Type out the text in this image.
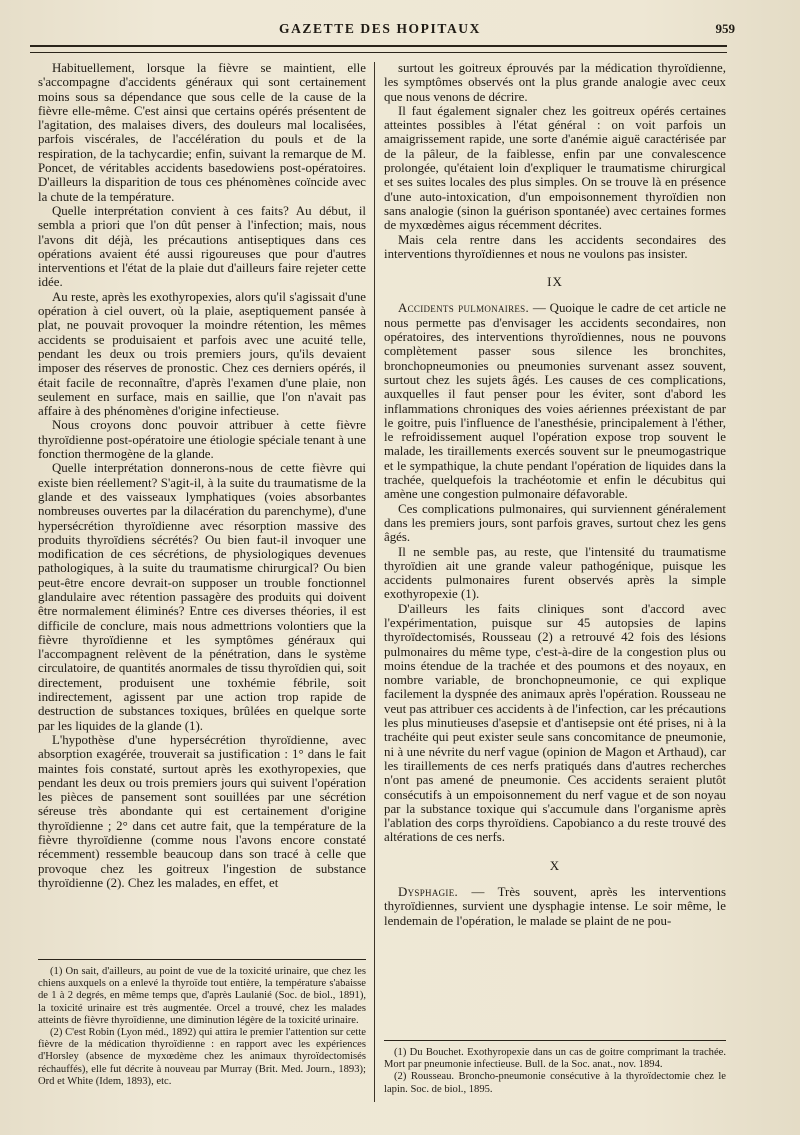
GAZETTE DES HOPITAUX	959

Habituellement, lorsque la fièvre se maintient, elle s'accompagne d'accidents généraux qui sont certainement moins sous sa dépendance que sous celle de la cause de la fièvre elle-même. C'est ainsi que certains opérés présentent de l'agitation, des malaises divers, des douleurs mal localisées, parfois viscérales, de l'accélération du pouls et de la respiration, de la tachycardie; enfin, suivant la remarque de M. Poncet, de véritables accidents basedowiens post-opératoires. D'ailleurs la disparition de tous ces phénomènes coïncide avec la chute de la température.

Quelle interprétation convient à ces faits? Au début, il sembla a priori que l'on dût penser à l'infection; mais, nous l'avons dit déjà, les précautions antiseptiques dans ces opérations avaient été aussi rigoureuses que pour d'autres interventions et l'état de la plaie dut d'ailleurs faire rejeter cette idée.

Au reste, après les exothyropexies, alors qu'il s'agissait d'une opération à ciel ouvert, où la plaie, aseptiquement pansée à plat, ne pouvait provoquer la moindre rétention, les mêmes accidents se produisaient et parfois avec une acuité telle, pendant les deux ou trois premiers jours, qu'ils devaient imposer des réserves de pronostic. Chez ces derniers opérés, il était facile de reconnaître, d'après l'examen d'une plaie, non seulement en surface, mais en saillie, que l'on n'avait pas affaire à des phénomènes d'origine infectieuse.

Nous croyons donc pouvoir attribuer à cette fièvre thyroïdienne post-opératoire une étiologie spéciale tenant à une fonction thermogène de la glande.

Quelle interprétation donnerons-nous de cette fièvre qui existe bien réellement? S'agit-il, à la suite du traumatisme de la glande et des vaisseaux lymphatiques (voies absorbantes nombreuses ouvertes par la dilacération du parenchyme), d'une hypersécrétion thyroïdienne avec résorption massive des produits thyroïdiens sécrétés? Ou bien faut-il invoquer une modification de ces sécrétions, de physiologiques devenues pathologiques, à la suite du traumatisme chirurgical? Ou bien peut-être encore devrait-on supposer un trouble fonctionnel glandulaire avec rétention passagère des produits qui doivent être normalement éliminés? Entre ces diverses théories, il est difficile de conclure, mais nous admettrions volontiers que la fièvre thyroïdienne et les symptômes généraux qui l'accompagnent relèvent de la pénétration, dans le système circulatoire, de quantités anormales de tissu thyroïdien qui, soit directement, produisent une toxhémie fébrile, soit indirectement, agissent par une action trop rapide de destruction de substances toxiques, brûlées en quelque sorte par les liquides de la glande (1).

L'hypothèse d'une hypersécrétion thyroïdienne, avec absorption exagérée, trouverait sa justification : 1° dans le fait maintes fois constaté, surtout après les exothyropexies, que pendant les deux ou trois premiers jours qui suivent l'opération les pièces de pansement sont souillées par une sécrétion séreuse très abondante qui est certainement d'origine thyroïdienne ; 2° dans cet autre fait, que la température de la fièvre thyroïdienne (comme nous l'avons encore constaté récemment) ressemble beaucoup dans son tracé à celle que provoque chez les goitreux l'ingestion de substance thyroïdienne (2). Chez les malades, en effet, et

(1) On sait, d'ailleurs, au point de vue de la toxicité urinaire, que chez les chiens auxquels on a enlevé la thyroïde tout entière, la température s'abaisse de 1 à 2 degrés, en même temps que, d'après Laulanié (Soc. de biol., 1891), la toxicité urinaire est très augmentée. Orcel a trouvé, chez les malades atteints de fièvre thyroïdienne, une diminution légère de la toxicité urinaire.

(2) C'est Robin (Lyon méd., 1892) qui attira le premier l'attention sur cette fièvre de la médication thyroïdienne : en rapport avec les expériences d'Horsley (absence de myxœdème chez les animaux thyroïdectomisés réchauffés), elle fut décrite à nouveau par Murray (Brit. Med. Journ., 1893); Ord et White (Idem, 1893), etc.

surtout les goitreux éprouvés par la médication thyroïdienne, les symptômes observés ont la plus grande analogie avec ceux que nous venons de décrire.

Il faut également signaler chez les goitreux opérés certaines atteintes possibles à l'état général : on voit parfois un amaigrissement rapide, une sorte d'anémie aiguë caractérisée par de la pâleur, de la faiblesse, enfin par une convalescence prolongée, qu'étaient loin d'expliquer le traumatisme chirurgical et ses suites locales des plus simples. On se trouve là en présence d'une auto-intoxication, d'un empoisonnement thyroïdien non sans analogie (sinon la guérison spontanée) avec certaines formes de myxœdèmes aigus récemment décrites.

Mais cela rentre dans les accidents secondaires des interventions thyroïdiennes et nous ne voulons pas insister.

IX

Accidents pulmonaires. — Quoique le cadre de cet article ne nous permette pas d'envisager les accidents secondaires, non opératoires, des interventions thyroïdiennes, nous ne pouvons complètement passer sous silence les bronchites, bronchopneumonies ou pneumonies survenant assez souvent, surtout chez les sujets âgés. Les causes de ces complications, auxquelles il faut penser pour les éviter, sont d'abord les inflammations chroniques des voies aériennes préexistant de par le goitre, puis l'influence de l'anesthésie, principalement à l'éther, le refroidissement auquel l'opération expose trop souvent le malade, les tiraillements exercés souvent sur le pneumogastrique et le sympathique, la chute pendant l'opération de liquides dans la trachée, quelquefois la trachéotomie et enfin le décubitus qui amène une congestion pulmonaire défavorable.

Ces complications pulmonaires, qui surviennent généralement dans les premiers jours, sont parfois graves, surtout chez les gens âgés.

Il ne semble pas, au reste, que l'intensité du traumatisme thyroïdien ait une grande valeur pathogénique, puisque les accidents pulmonaires furent observés après la simple exothyropexie (1).

D'ailleurs les faits cliniques sont d'accord avec l'expérimentation, puisque sur 45 autopsies de lapins thyroïdectomisés, Rousseau (2) a retrouvé 42 fois des lésions pulmonaires du même type, c'est-à-dire de la congestion plus ou moins étendue de la trachée et des poumons et des noyaux, en nombre variable, de bronchopneumonie, ce qui explique facilement la dyspnée des animaux après l'opération. Rousseau ne veut pas attribuer ces accidents à de l'infection, car les précautions les plus minutieuses d'asepsie et d'antisepsie ont été prises, ni à la trachéite qui peut exister seule sans concomitance de pneumonie, ni à une névrite du nerf vague (opinion de Magon et Arthaud), car les tiraillements de ces nerfs pratiqués dans d'autres recherches n'ont pas amené de pneumonie. Ces accidents seraient plutôt consécutifs à un empoisonnement du nerf vague et de son noyau par la substance toxique qui s'accumule dans l'organisme après l'ablation des corps thyroïdiens. Capobianco a du reste trouvé des altérations de ces nerfs.

X

Dysphagie. — Très souvent, après les interventions thyroïdiennes, survient une dysphagie intense. Le soir même, le lendemain de l'opération, le malade se plaint de ne pou-

(1) Du Bouchet. Exothyropexie dans un cas de goitre comprimant la trachée. Mort par pneumonie infectieuse. Bull. de la Soc. anat., nov. 1894.

(2) Rousseau. Broncho-pneumonie consécutive à la thyroïdectomie chez le lapin. Soc. de biol., 1895.
